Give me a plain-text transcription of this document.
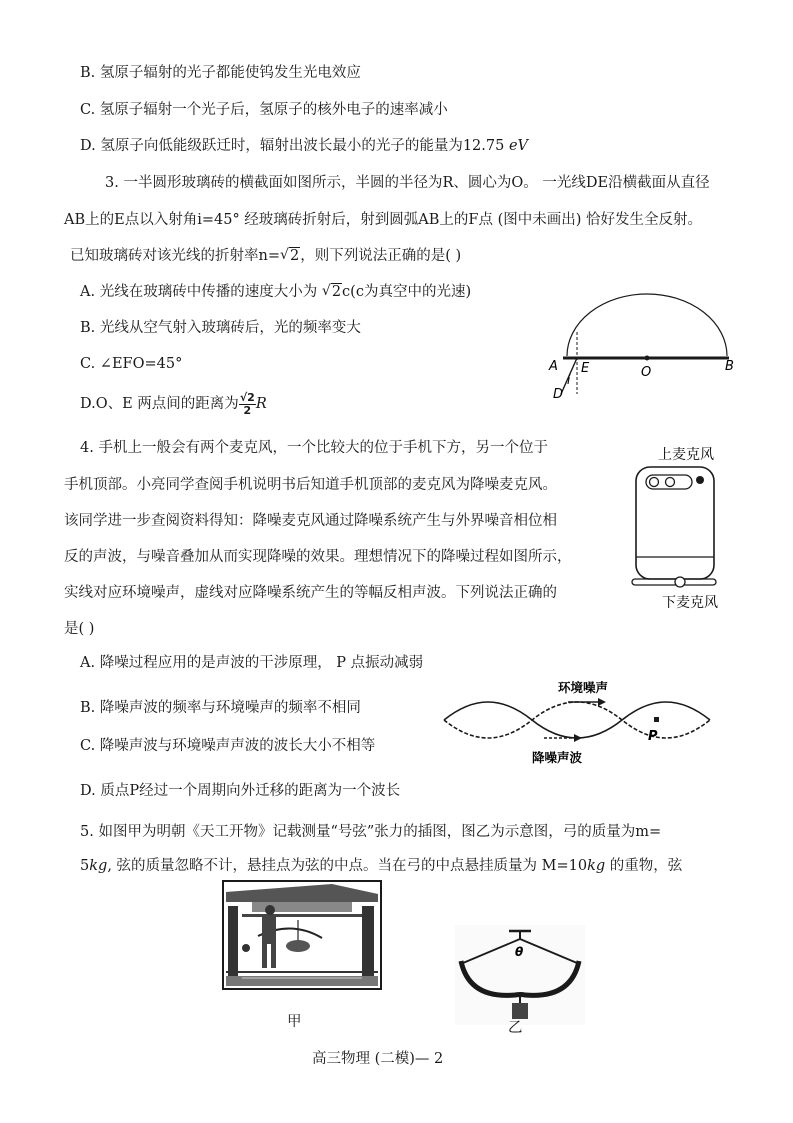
B. 氢原子辐射的光子都能使钨发生光电效应
C. 氢原子辐射一个光子后，氢原子的核外电子的速率减小
D. 氢原子向低能级跃迁时，辐射出波长最小的光子的能量为12.75 eV
3. 一半圆形玻璃砖的横截面如图所示，半圆的半径为R、圆心为O。 一光线DE沿横截面从直径
AB上的E点以入射角i=45° 经玻璃砖折射后，射到圆弧AB上的F点 (图中未画出) 恰好发生全反射。
已知玻璃砖对该光线的折射率n= √ 2，则下列说法正确的是( )
A. 光线在玻璃砖中传播的速度大小为 √ 2c(c为真空中的光速)
B. 光线从空气射入玻璃砖后，光的频率变大
C. ∠EFO=45°
D.O、E 两点间的距离为 $\frac{√2}{2}$ R
A E	O	B
i
D
4. 手机上一般会有两个麦克风，一个比较大的位于手机下方，另一个位于
手机顶部。小亮同学查阅手机说明书后知道手机顶部的麦克风为降噪麦克风。
该同学进一步查阅资料得知：降噪麦克风通过降噪系统产生与外界噪音相位相
反的声波，与噪音叠加从而实现降噪的效果。理想情况下的降噪过程如图所示，
实线对应环境噪声，虚线对应降噪系统产生的等幅反相声波。下列说法正确的
是( )
A. 降噪过程应用的是声波的干涉原理， P 点振动减弱
B. 降噪声波的频率与环境噪声的频率不相同
C. 降噪声波与环境噪声声波的波长大小不相等
D. 质点P经过一个周期向外迁移的距离为一个波长
上麦克风
下麦克风
环境噪声
P
降噪声波
5. 如图甲为明朝《天工开物》记载测量“号弦”张力的插图，图乙为示意图，弓的质量为m=
5kg, 弦的质量忽略不计，悬挂点为弦的中点。当在弓的中点悬挂质量为 M=10kg 的重物，弦
甲
θ
乙
高三物理 (二模)— 2
